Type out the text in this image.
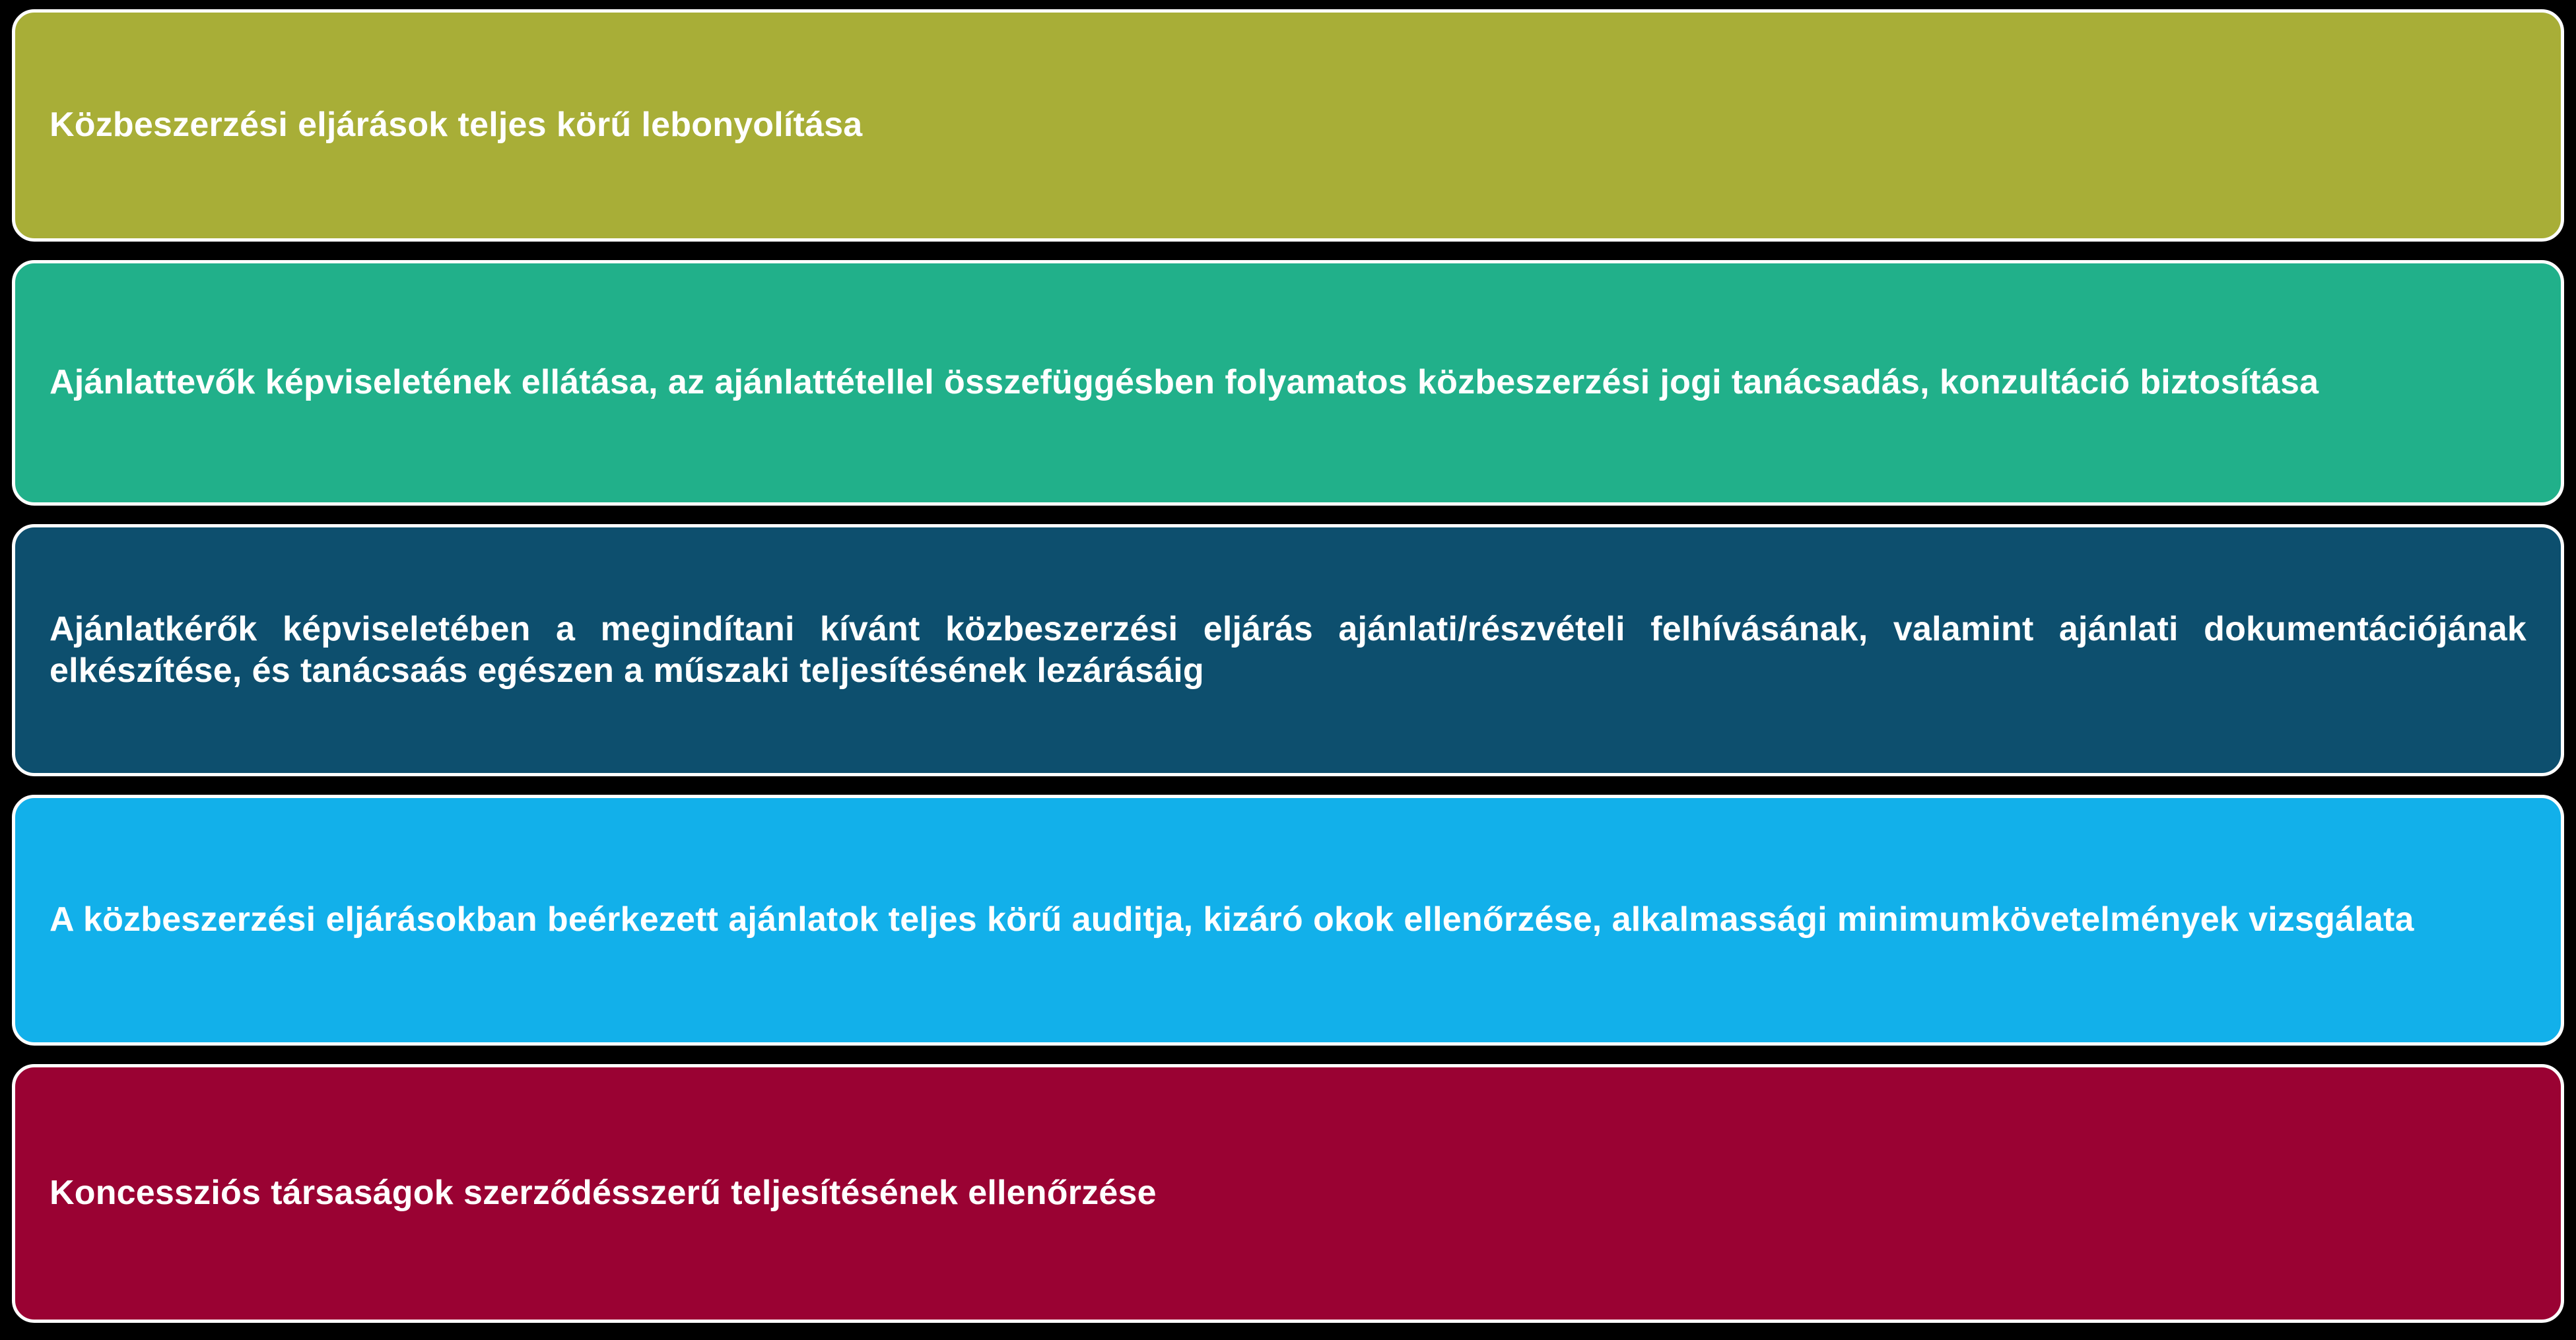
Közbeszerzési eljárások teljes körű lebonyolítása
Ajánlattevők képviseletének ellátása, az ajánlattétellel összefüggésben folyamatos közbeszerzési jogi tanácsadás, konzultáció biztosítása
Ajánlatkérők képviseletében a megindítani kívánt közbeszerzési eljárás ajánlati/részvételi felhívásának, valamint ajánlati dokumentációjának elkészítése, és tanácsaás egészen a műszaki teljesítésének lezárásáig
A közbeszerzési eljárásokban beérkezett ajánlatok teljes körű auditja, kizáró okok ellenőrzése, alkalmassági minimumkövetelmények vizsgálata
Koncessziós társaságok szerződésszerű teljesítésének ellenőrzése
